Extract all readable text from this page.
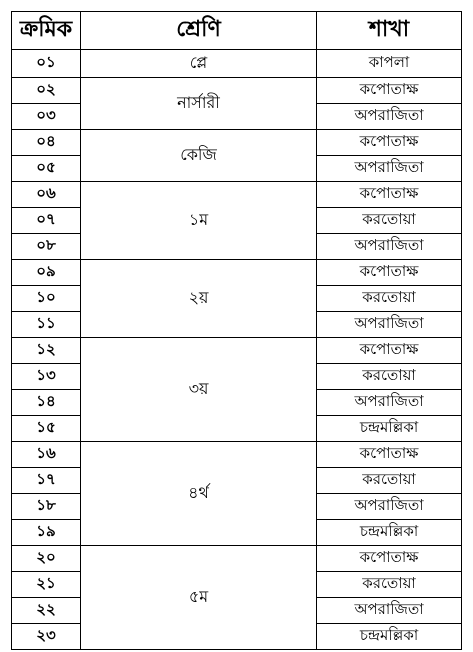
ক্রমিক	শ্রেণি	শাখা
০১	প্লে	কাপলা
০২	নার্সারী	কপোতাক্ষ
০৩		অপরাজিতা
০৪	কেজি	কপোতাক্ষ
০৫		অপরাজিতা
০৬	১ম	কপোতাক্ষ
০৭		করতোয়া
০৮		অপরাজিতা
০৯	২য়	কপোতাক্ষ
১০		করতোয়া
১১		অপরাজিতা
১২	৩য়	কপোতাক্ষ
১৩		করতোয়া
১৪		অপরাজিতা
১৫		চন্দ্রমল্লিকা
১৬	৪র্থ	কপোতাক্ষ
১৭		করতোয়া
১৮		অপরাজিতা
১৯		চন্দ্রমল্লিকা
২০	৫ম	কপোতাক্ষ
২১		করতোয়া
২২		অপরাজিতা
২৩		চন্দ্রমল্লিকা
